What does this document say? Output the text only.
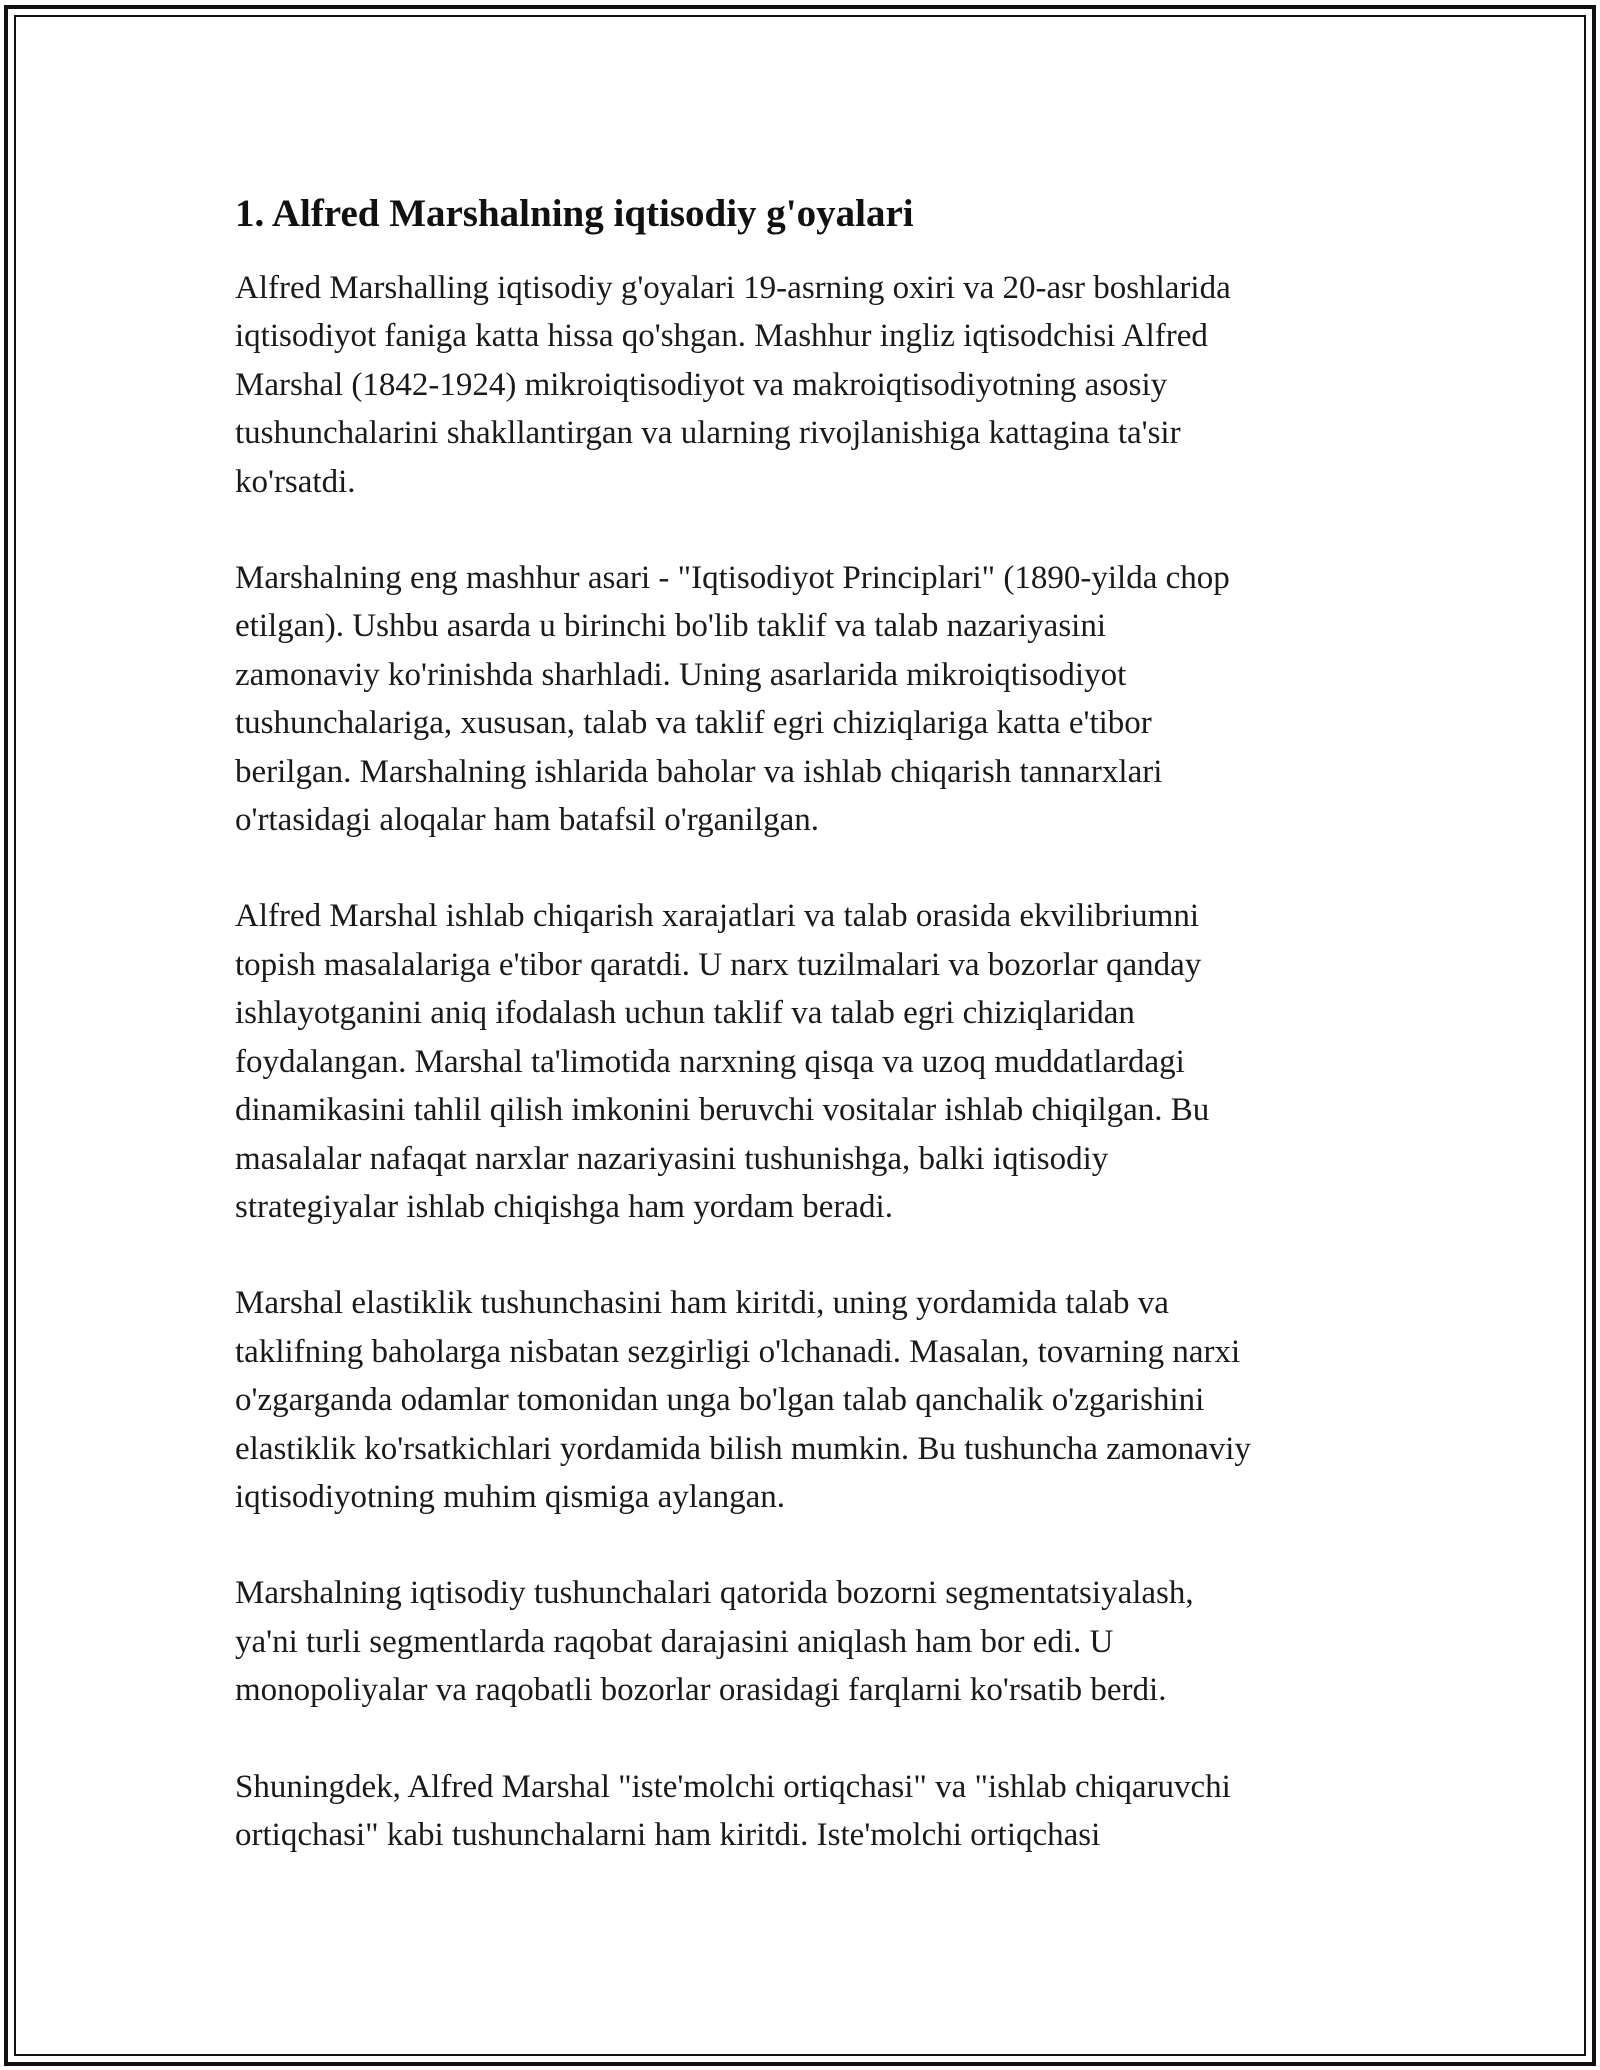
1. Alfred Marshalning iqtisodiy g'oyalari

Alfred Marshalling iqtisodiy g'oyalari 19-asrning oxiri va 20-asr boshlarida
iqtisodiyot faniga katta hissa qo'shgan. Mashhur ingliz iqtisodchisi Alfred
Marshal (1842-1924) mikroiqtisodiyot va makroiqtisodiyotning asosiy
tushunchalarini shakllantirgan va ularning rivojlanishiga kattagina ta'sir
ko'rsatdi.

Marshalning eng mashhur asari - "Iqtisodiyot Principlari" (1890-yilda chop
etilgan). Ushbu asarda u birinchi bo'lib taklif va talab nazariyasini
zamonaviy ko'rinishda sharhladi. Uning asarlarida mikroiqtisodiyot
tushunchalariga, xususan, talab va taklif egri chiziqlariga katta e'tibor
berilgan. Marshalning ishlarida baholar va ishlab chiqarish tannarxlari
o'rtasidagi aloqalar ham batafsil o'rganilgan.

Alfred Marshal ishlab chiqarish xarajatlari va talab orasida ekvilibriumni
topish masalalariga e'tibor qaratdi. U narx tuzilmalari va bozorlar qanday
ishlayotganini aniq ifodalash uchun taklif va talab egri chiziqlaridan
foydalangan. Marshal ta'limotida narxning qisqa va uzoq muddatlardagi
dinamikasini tahlil qilish imkonini beruvchi vositalar ishlab chiqilgan. Bu
masalalar nafaqat narxlar nazariyasini tushunishga, balki iqtisodiy
strategiyalar ishlab chiqishga ham yordam beradi.

Marshal elastiklik tushunchasini ham kiritdi, uning yordamida talab va
taklifning baholarga nisbatan sezgirligi o'lchanadi. Masalan, tovarning narxi
o'zgarganda odamlar tomonidan unga bo'lgan talab qanchalik o'zgarishini
elastiklik ko'rsatkichlari yordamida bilish mumkin. Bu tushuncha zamonaviy
iqtisodiyotning muhim qismiga aylangan.

Marshalning iqtisodiy tushunchalari qatorida bozorni segmentatsiyalash,
ya'ni turli segmentlarda raqobat darajasini aniqlash ham bor edi. U
monopoliyalar va raqobatli bozorlar orasidagi farqlarni ko'rsatib berdi.

Shuningdek, Alfred Marshal "iste'molchi ortiqchasi" va "ishlab chiqaruvchi
ortiqchasi" kabi tushunchalarni ham kiritdi. Iste'molchi ortiqchasi
